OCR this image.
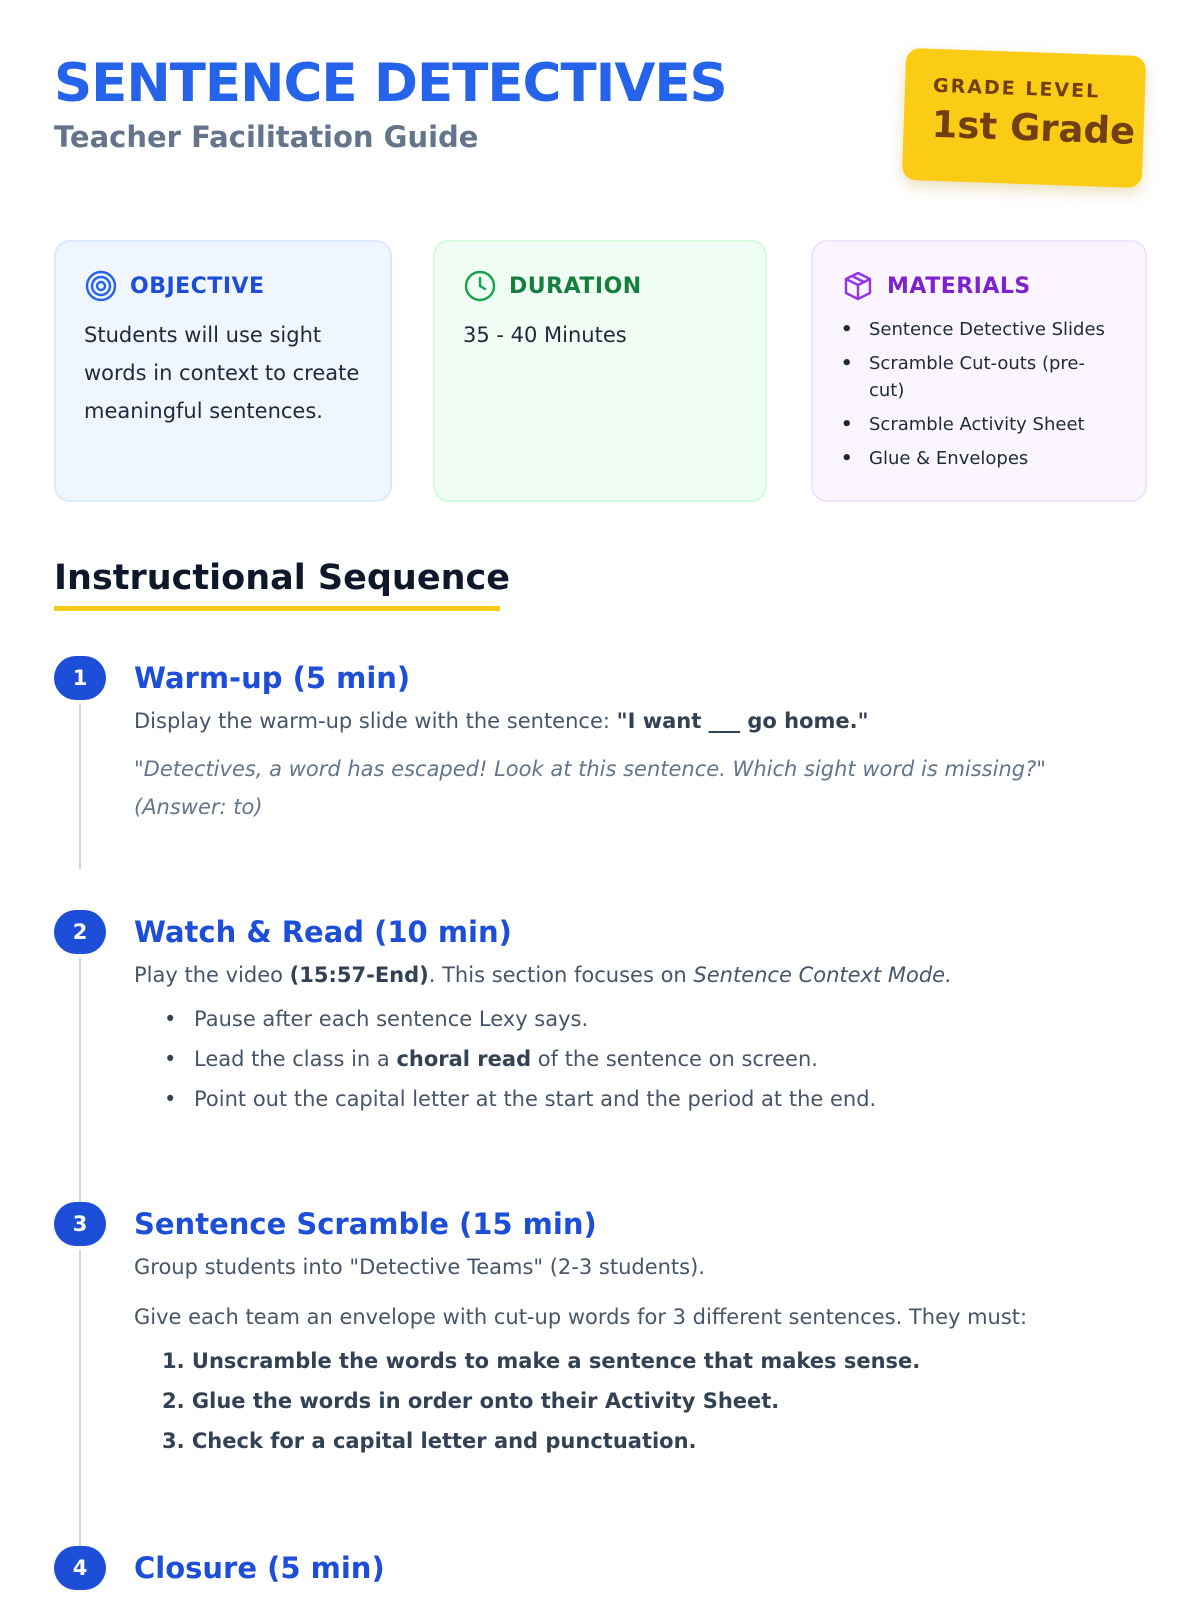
SENTENCE DETECTIVES
Teacher Facilitation Guide
GRADE LEVEL
1st Grade
OBJECTIVE
Students will use sight words in context to create meaningful sentences.
DURATION
35 - 40 Minutes
MATERIALS
• Sentence Detective Slides
• Scramble Cut-outs (pre-cut)
• Scramble Activity Sheet
• Glue & Envelopes
Instructional Sequence
1	Warm-up (5 min)
Display the warm-up slide with the sentence: "I want ___ go home."
"Detectives, a word has escaped! Look at this sentence. Which sight word is missing?" (Answer: to)
2	Watch & Read (10 min)
Play the video (15:57-End). This section focuses on Sentence Context Mode.
• Pause after each sentence Lexy says.
• Lead the class in a choral read of the sentence on screen.
• Point out the capital letter at the start and the period at the end.
3	Sentence Scramble (15 min)
Group students into "Detective Teams" (2-3 students).
Give each team an envelope with cut-up words for 3 different sentences. They must:
1. Unscramble the words to make a sentence that makes sense.
2. Glue the words in order onto their Activity Sheet.
3. Check for a capital letter and punctuation.
4	Closure (5 min)
